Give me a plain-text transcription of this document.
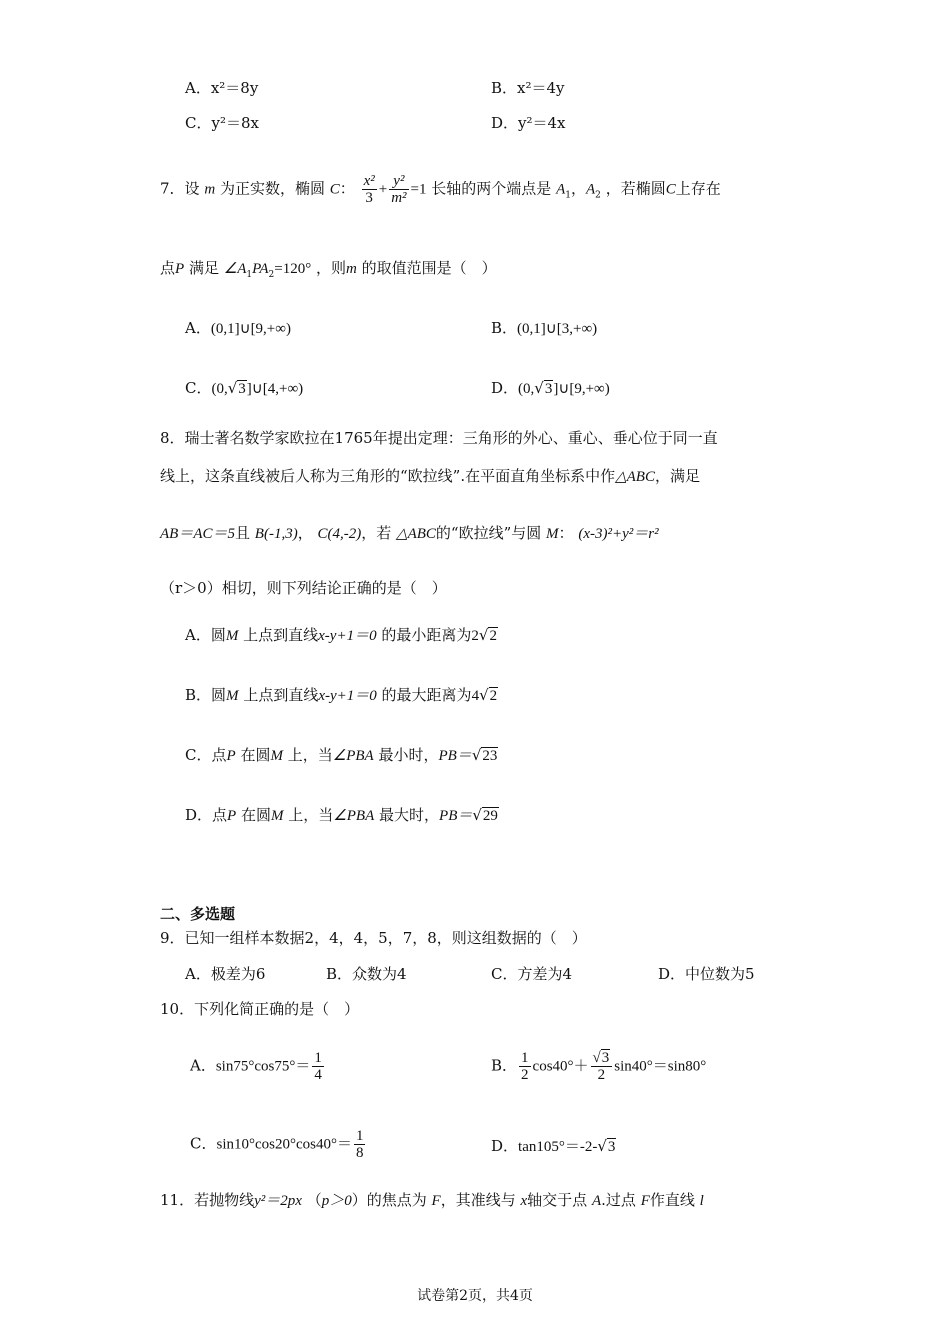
A．x²＝8y	B．x²＝4y
C．y²＝8x	D．y²＝4x
7．设 m 为正实数，椭圆 C： $\frac{\text{x²}}{3} + \frac{\text{y²}}{\text{m²}} =1$ 长轴的两个端点是 $A_1$，$A_2$ ，若椭圆C上存在
点P 满足 $\angle A_1PA_2=120^\circ$ ，则m 的取值范围是（　）
A．(0,1]∪[9,+∞)	B．(0,1]∪[3,+∞)
C．(0,√3]∪[4,+∞)	D．(0,√3]∪[9,+∞)
8．瑞士著名数学家欧拉在1765年提出定理：三角形的外心、重心、垂心位于同一直
线上，这条直线被后人称为三角形的“欧拉线”.在平面直角坐标系中作△ABC，满足
AB＝AC＝5且 B(-1,3)， C(4,-2)，若 △ABC的“欧拉线”与圆 M： (x-3)²+y²＝r²
（r＞0）相切，则下列结论正确的是（　）
A．圆M 上点到直线x-y+1＝0 的最小距离为2√2
B．圆M 上点到直线x-y+1＝0 的最大距离为4√2
C．点P 在圆M 上，当∠PBA 最小时，PB＝√23
D．点P 在圆M 上，当∠PBA 最大时，PB＝√29
二、多选题
9．已知一组样本数据2，4，4，5，7，8，则这组数据的（　）
A．极差为6	B．众数为4	C．方差为4	D．中位数为5
10．下列化简正确的是（　）
A．$\sin 75^\circ\cos 75^\circ= \frac{1}{4}$	B． $\frac{1}{2} \cos 40^\circ+ \frac{√3}{2} \sin 40^\circ=\sin 80^\circ$
C．$\sin 10^\circ\cos 20^\circ\cos 40^\circ= \frac{1}{8}$	D．tan105°＝-2-√3
11．若抛物线y²＝2px （p＞0）的焦点为 F，其准线与 x轴交于点 A.过点 F作直线 l
试卷第2页，共4页
